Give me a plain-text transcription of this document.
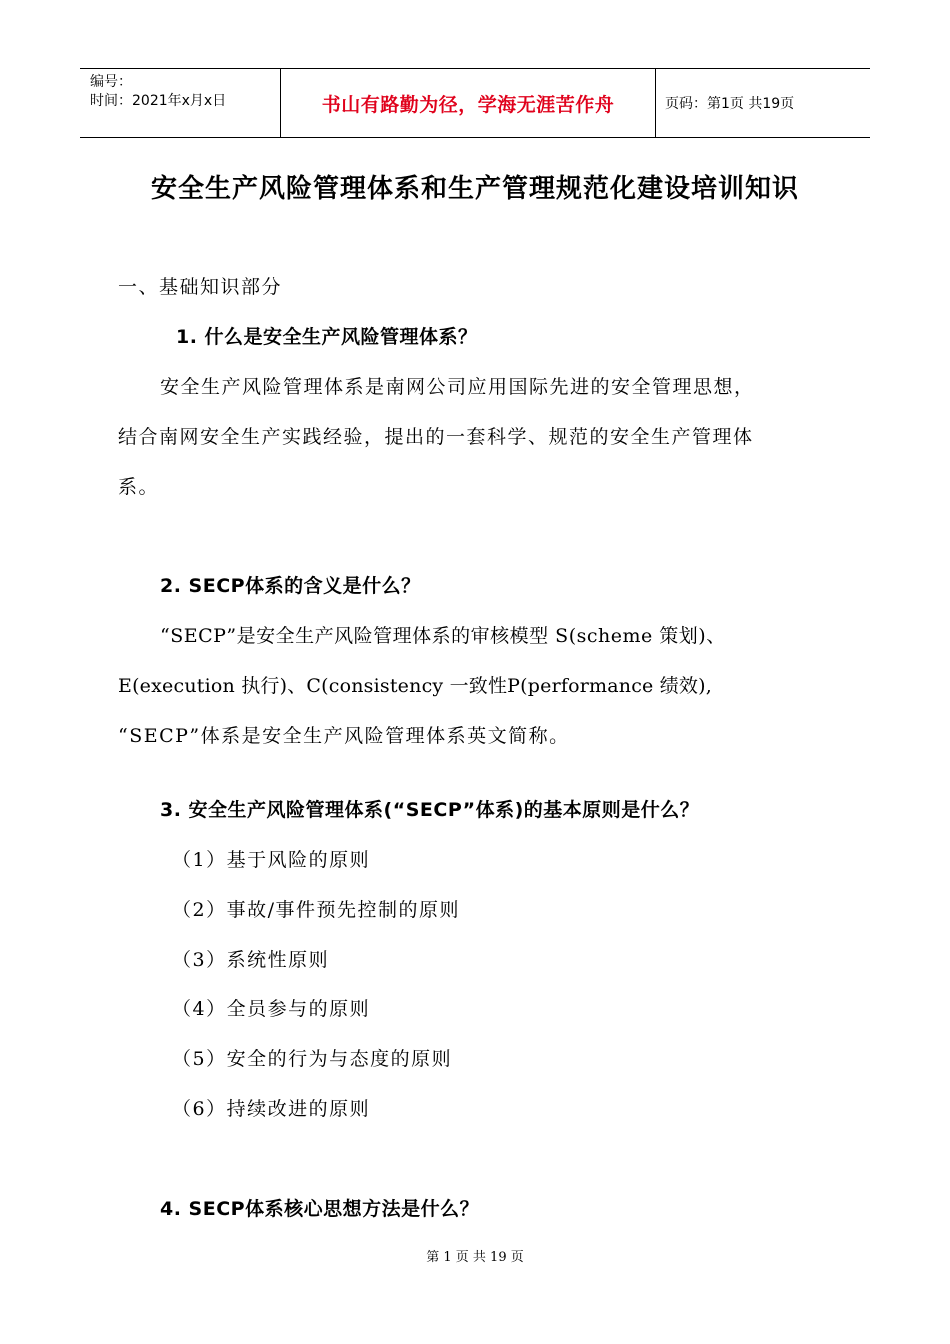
编号：
时间：2021年x月x日	书山有路勤为径，学海无涯苦作舟	页码：第1页 共19页
安全生产风险管理体系和生产管理规范化建设培训知识
一、基础知识部分
1. 什么是安全生产风险管理体系？
安全生产风险管理体系是南网公司应用国际先进的安全管理思想，
结合南网安全生产实践经验，提出的一套科学、规范的安全生产管理体
系。
2. SECP体系的含义是什么？
“SECP”是安全生产风险管理体系的审核模型 S(scheme 策划)、
E(execution 执行)、C(consistency 一致性P(performance 绩效),
“SECP”体系是安全生产风险管理体系英文简称。
3. 安全生产风险管理体系(“SECP”体系)的基本原则是什么？
（1）基于风险的原则
（2）事故/事件预先控制的原则
（3）系统性原则
（4）全员参与的原则
（5）安全的行为与态度的原则
（6）持续改进的原则
4. SECP体系核心思想方法是什么？
第 1 页 共 19 页
